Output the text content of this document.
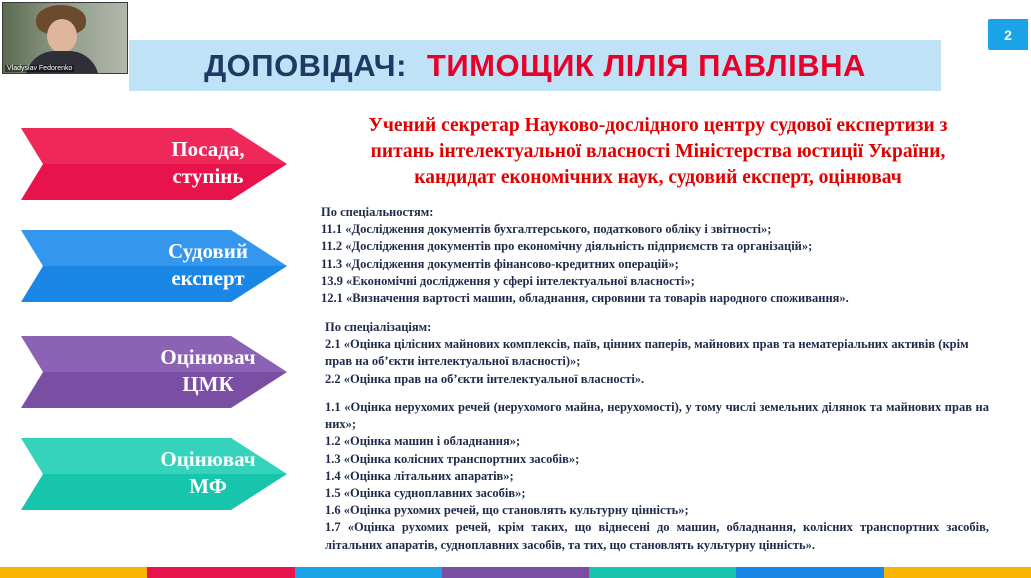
Vladyslav Fedorenko
2
ДОПОВІДАЧ: ТИМОЩИК ЛІЛІЯ ПАВЛІВНА
Посада,
ступінь
Судовий
експерт
Оцінювач
ЦМК
Оцінювач
МФ
Учений секретар Науково-дослідного центру судової експертизи з
питань інтелектуальної власності Міністерства юстиції України,
кандидат економічних наук, судовий експерт, оцінювач

По спеціальностям:

11.1 «Дослідження документів бухгалтерського, податкового обліку і звітності»;

11.2 «Дослідження документів про економічну діяльність підприємств та організацій»;

11.3 «Дослідження документів фінансово-кредитних операцій»;

13.9 «Економічні дослідження у сфері інтелектуальної власності»;

12.1 «Визначення вартості машин, обладнання, сировини та товарів народного споживання».

По спеціалізаціям:

2.1 «Оцінка цілісних майнових комплексів, паїв, цінних паперів, майнових прав та нематеріальних активів (крім прав на об’єкти інтелектуальної власності)»;

2.2 «Оцінка прав на об’єкти інтелектуальної власності».

1.1 «Оцінка нерухомих речей (нерухомого майна, нерухомості), у тому числі земельних ділянок та майнових прав на них»;

1.2 «Оцінка машин і обладнання»;

1.3 «Оцінка колісних транспортних засобів»;

1.4 «Оцінка літальних апаратів»;

1.5 «Оцінка судноплавних засобів»;

1.6 «Оцінка рухомих речей, що становлять культурну цінність»;

1.7 «Оцінка рухомих речей, крім таких, що віднесені до машин, обладнання, колісних транспортних засобів, літальних апаратів, судноплавних засобів, та тих, що становлять культурну цінність».
